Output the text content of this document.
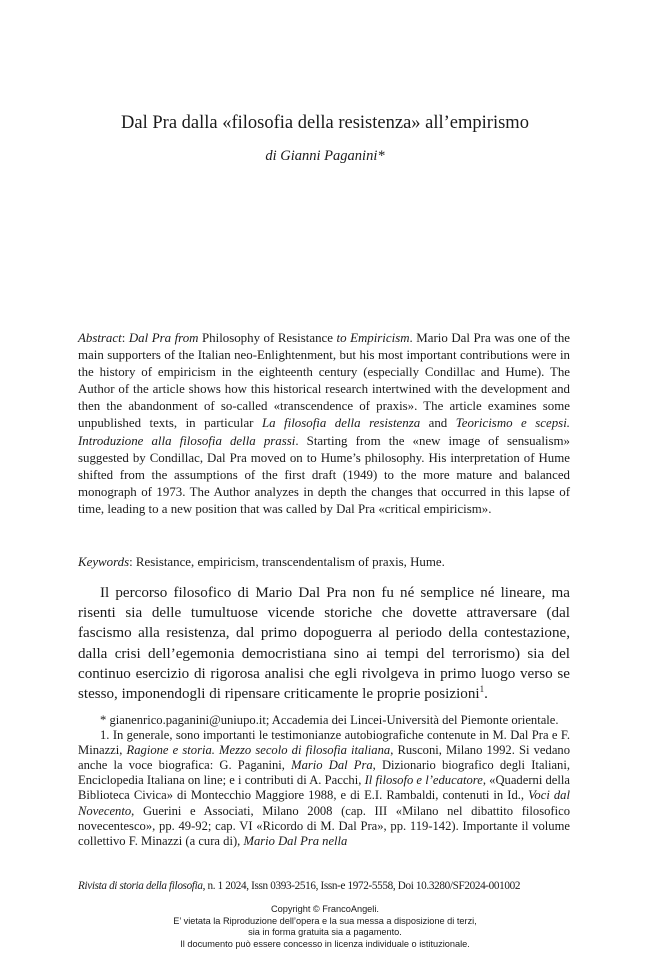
Dal Pra dalla «filosofia della resistenza» all’empirismo
di Gianni Paganini*

Abstract: Dal Pra from Philosophy of Resistance to Empiricism. Mario Dal Pra was one of the main supporters of the Italian neo-Enlightenment, but his most important contributions were in the history of empiricism in the eighteenth century (especially Condillac and Hume). The Author of the article shows how this historical research intertwined with the development and then the abandonment of so-called «transcendence of praxis». The article examines some unpublished texts, in particular La filosofia della resistenza and Teoricismo e scepsi. Introduzione alla filosofia della prassi. Starting from the «new image of sensualism» suggested by Condillac, Dal Pra moved on to Hume’s philosophy. His interpretation of Hume shifted from the assumptions of the first draft (1949) to the more mature and balanced monograph of 1973. The Author analyzes in depth the changes that occurred in this lapse of time, leading to a new position that was called by Dal Pra «critical empiricism».

Keywords: Resistance, empiricism, transcendentalism of praxis, Hume.

Il percorso filosofico di Mario Dal Pra non fu né semplice né lineare, ma risenti sia delle tumultuose vicende storiche che dovette attraversare (dal fascismo alla resistenza, dal primo dopoguerra al periodo della contestazione, dalla crisi dell’egemonia democristiana sino ai tempi del terrorismo) sia del continuo esercizio di rigorosa analisi che egli rivolgeva in primo luogo verso se stesso, imponendogli di ripensare criticamente le proprie posizioni$^1$.

* gianenrico.paganini@uniupo.it; Accademia dei Lincei-Università del Piemonte orientale.

1. In generale, sono importanti le testimonianze autobiografiche contenute in M. Dal Pra e F. Minazzi, Ragione e storia. Mezzo secolo di filosofia italiana, Rusconi, Milano 1992. Si vedano anche la voce biografica: G. Paganini, Mario Dal Pra, Dizionario biografico degli Italiani, Enciclopedia Italiana on line; e i contributi di A. Pacchi, Il filosofo e l’educatore, «Quaderni della Biblioteca Civica» di Montecchio Maggiore 1988, e di E.I. Rambaldi, contenuti in Id., Voci dal Novecento, Guerini e Associati, Milano 2008 (cap. III «Milano nel dibattito filosofico novecentesco», pp. 49-92; cap. VI «Ricordo di M. Dal Pra», pp. 119-142). Importante il volume collettivo F. Minazzi (a cura di), Mario Dal Pra nella

Rivista di storia della filosofia, n. 1 2024, Issn 0393-2516, Issn-e 1972-5558, Doi 10.3280/SF2024-001002
Copyright © FrancoAngeli.
E’ vietata la Riproduzione dell’opera e la sua messa a disposizione di terzi,
sia in forma gratuita sia a pagamento.
Il documento può essere concesso in licenza individuale o istituzionale.
